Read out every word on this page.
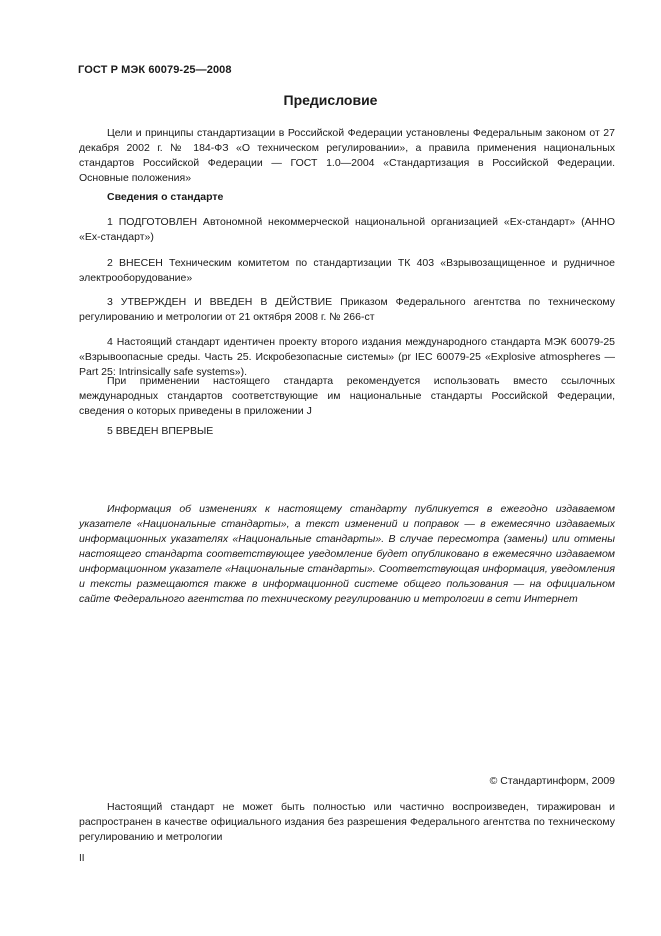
ГОСТ Р МЭК 60079-25—2008
Предисловие

Цели и принципы стандартизации в Российской Федерации установлены Федеральным законом от 27 декабря 2002 г. № 184-ФЗ «О техническом регулировании», а правила применения национальных стандартов Российской Федерации — ГОСТ 1.0—2004 «Стандартизация в Российской Федерации. Основные положения»

Сведения о стандарте

1 ПОДГОТОВЛЕН Автономной некоммерческой национальной организацией «Ех-стандарт» (АННО «Ех-стандарт»)

2 ВНЕСЕН Техническим комитетом по стандартизации ТК 403 «Взрывозащищенное и рудничное электрооборудование»

3 УТВЕРЖДЕН И ВВЕДЕН В ДЕЙСТВИЕ Приказом Федерального агентства по техническому регулированию и метрологии от 21 октября 2008 г. № 266-ст

4 Настоящий стандарт идентичен проекту второго издания международного стандарта МЭК 60079-25 «Взрывоопасные среды. Часть 25. Искробезопасные системы» (pr IEC 60079-25 «Explosive atmospheres — Part 25: Intrinsically safe systems»).

При применении настоящего стандарта рекомендуется использовать вместо ссылочных международных стандартов соответствующие им национальные стандарты Российской Федерации, сведения о которых приведены в приложении J

5 ВВЕДЕН ВПЕРВЫЕ

Информация об изменениях к настоящему стандарту публикуется в ежегодно издаваемом указателе «Национальные стандарты», а текст изменений и поправок — в ежемесячно издаваемых информационных указателях «Национальные стандарты». В случае пересмотра (замены) или отмены настоящего стандарта соответствующее уведомление будет опубликовано в ежемесячно издаваемом информационном указателе «Национальные стандарты». Соответствующая информация, уведомления и тексты размещаются также в информационной системе общего пользования — на официальном сайте Федерального агентства по техническому регулированию и метрологии в сети Интернет

© Стандартинформ, 2009

Настоящий стандарт не может быть полностью или частично воспроизведен, тиражирован и распространен в качестве официального издания без разрешения Федерального агентства по техническому регулированию и метрологии

II
